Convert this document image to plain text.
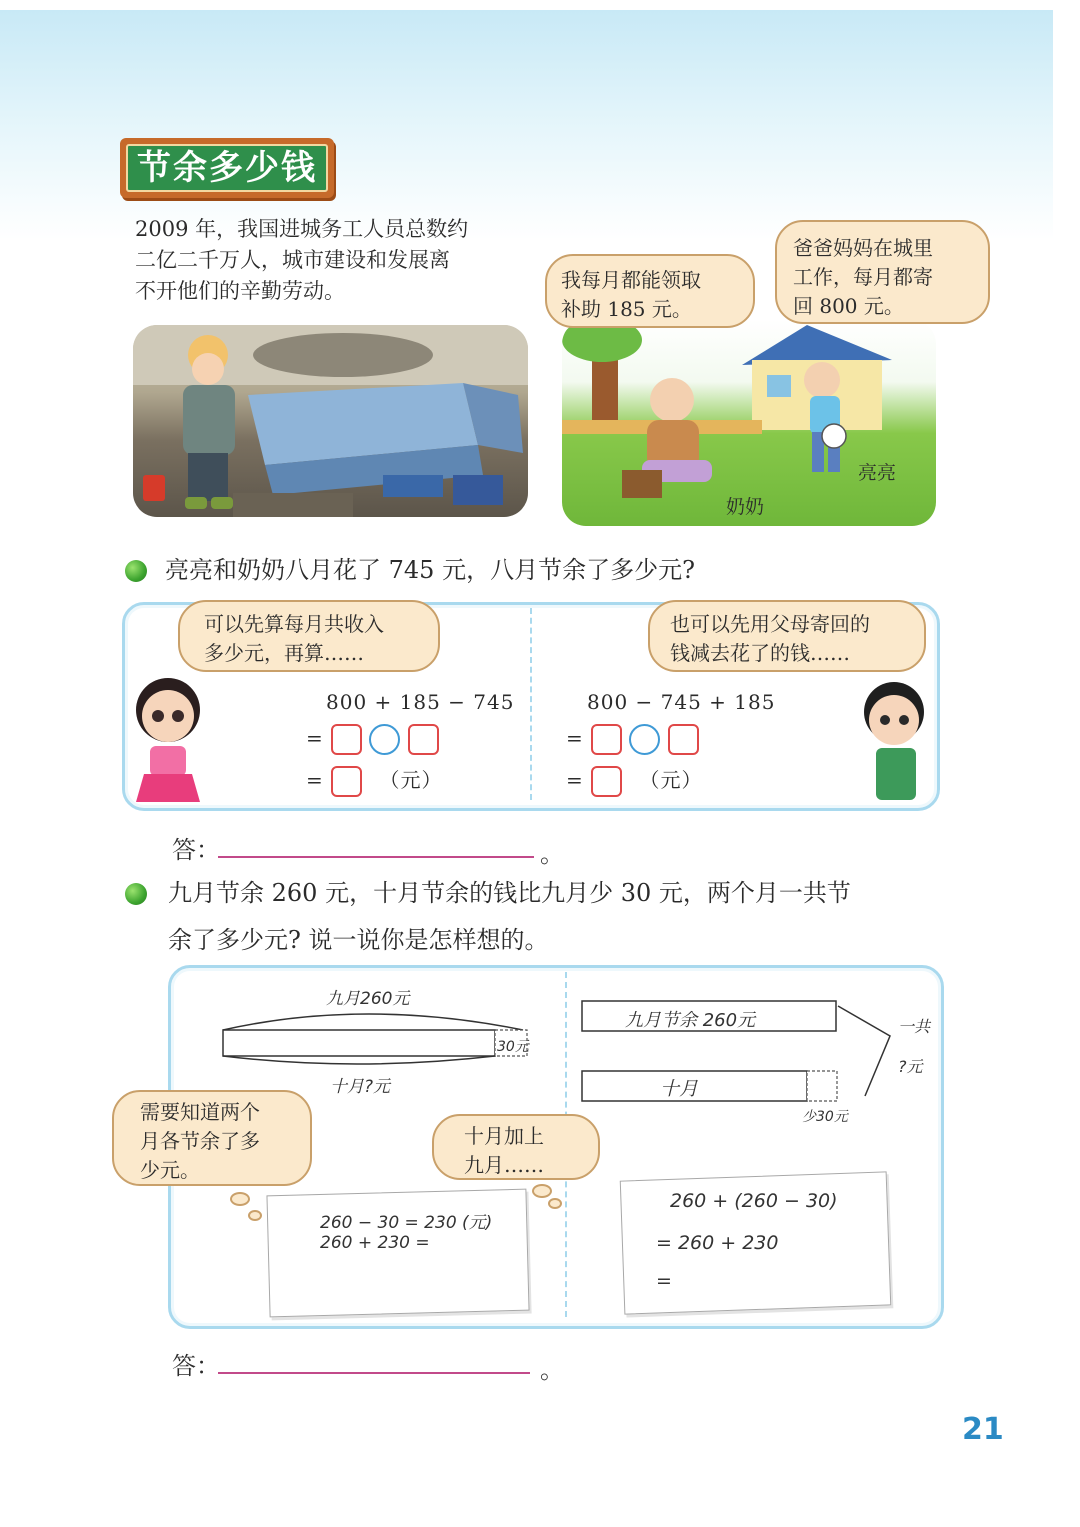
节余多少钱
2009 年，我国进城务工人员总数约
二亿二千万人，城市建设和发展离
不开他们的辛勤劳动。
奶奶
亮亮
我每月都能领取
补助 185 元。
爸爸妈妈在城里
工作，每月都寄
回 800 元。
亮亮和奶奶八月花了 745 元，八月节余了多少元?
可以先算每月共收入
多少元，再算……
也可以先用父母寄回的
钱减去花了的钱……
800 + 185 − 745
=
=	（元）
800 − 745 + 185
=
=	（元）
答：	。
九月节余 260 元，十月节余的钱比九月少 30 元，两个月一共节
余了多少元? 说一说你是怎样想的。
九月260元
30元
十月?元
九月节余 260元
十月
少30元
一共
?元
需要知道两个
月各节余了多
少元。
十月加上
九月……
260 − 30 = 230 (元)
260 + 230 =
260 + (260 − 30)
= 260 + 230
=
答：	。
21
